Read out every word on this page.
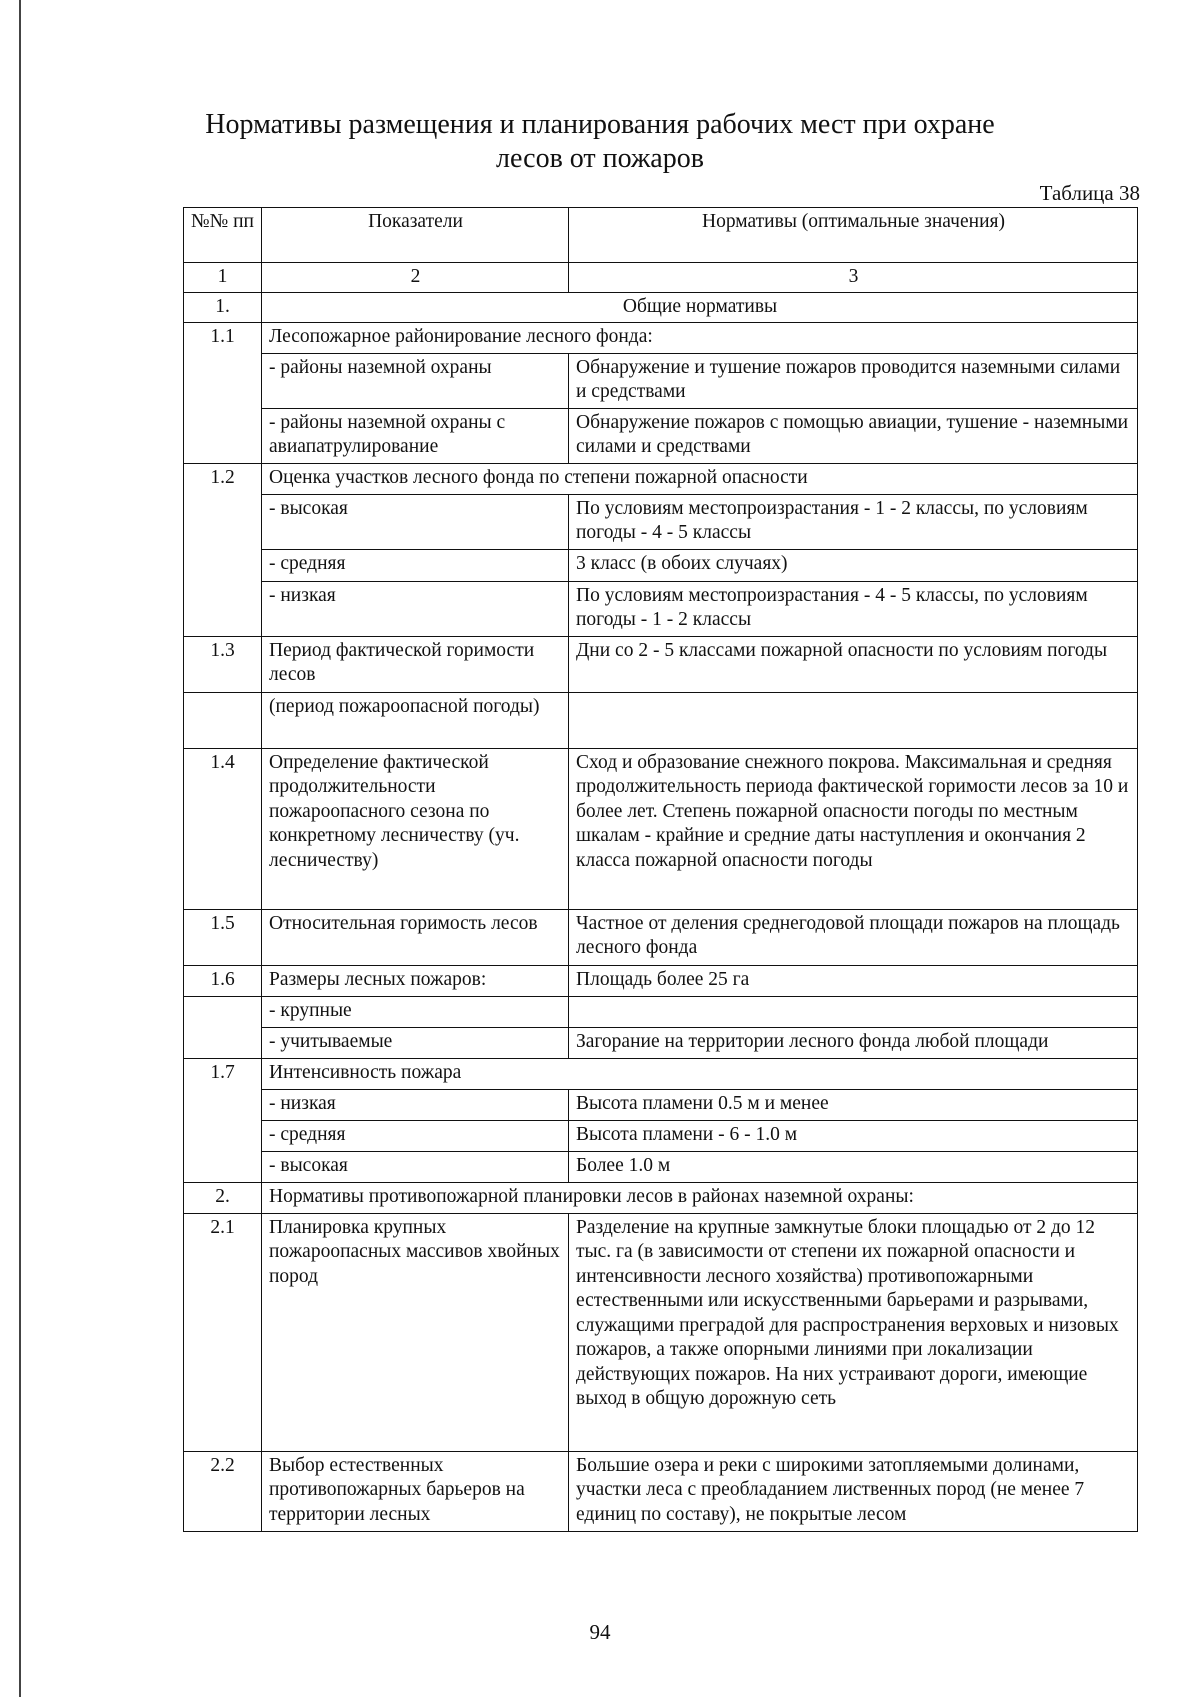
Нормативы размещения и планирования рабочих мест при охране
лесов от пожаров
Таблица 38
№№ пп	Показатели	Нормативы (оптимальные значения)
1	2	3
1.	Общие нормативы	
1.1	Лесопожарное районирование лесного фонда:	
	- районы наземной охраны	Обнаружение и тушение пожаров проводится наземными силами и средствами
	- районы наземной охраны с авиапатрулирование	Обнаружение пожаров с помощью авиации, тушение - наземными силами и средствами
1.2	Оценка участков лесного фонда по степени пожарной опасности	
	- высокая	По условиям местопроизрастания - 1 - 2 классы, по условиям погоды - 4 - 5 классы
	- средняя	3 класс (в обоих случаях)
	- низкая	По условиям местопроизрастания - 4 - 5 классы, по условиям погоды - 1 - 2 классы
1.3	Период фактической горимости лесов	Дни со 2 - 5 классами пожарной опасности по условиям погоды
	(период пожароопасной погоды)	
1.4	Определение фактической продолжительности пожароопасного сезона по конкретному лесничеству (уч. лесничеству)	Сход и образование снежного покрова. Максимальная и средняя продолжительность периода фактической горимости лесов за 10 и более лет. Степень пожарной опасности погоды по местным шкалам - крайние и средние даты наступления и окончания 2 класса пожарной опасности погоды
1.5	Относительная горимость лесов	Частное от деления среднегодовой площади пожаров на площадь лесного фонда
1.6	Размеры лесных пожаров:	Площадь более 25 га
	- крупные	
	- учитываемые	Загорание на территории лесного фонда любой площади
1.7	Интенсивность пожара	
	- низкая	Высота пламени 0.5 м и менее
	- средняя	Высота пламени - 6 - 1.0 м
	- высокая	Более 1.0 м
2.	Нормативы противопожарной планировки лесов в районах наземной охраны:	
2.1	Планировка крупных пожароопасных массивов хвойных пород	Разделение на крупные замкнутые блоки площадью от 2 до 12 тыс. га (в зависимости от степени их пожарной опасности и интенсивности лесного хозяйства) противопожарными естественными или искусственными барьерами и разрывами, служащими преградой для распространения верховых и низовых пожаров, а также опорными линиями при локализации действующих пожаров. На них устраивают дороги, имеющие выход в общую дорожную сеть
2.2	Выбор естественных противопожарных барьеров на территории лесных	Большие озера и реки с широкими затопляемыми долинами, участки леса с преобладанием лиственных пород (не менее 7 единиц по составу), не покрытые лесом
94
